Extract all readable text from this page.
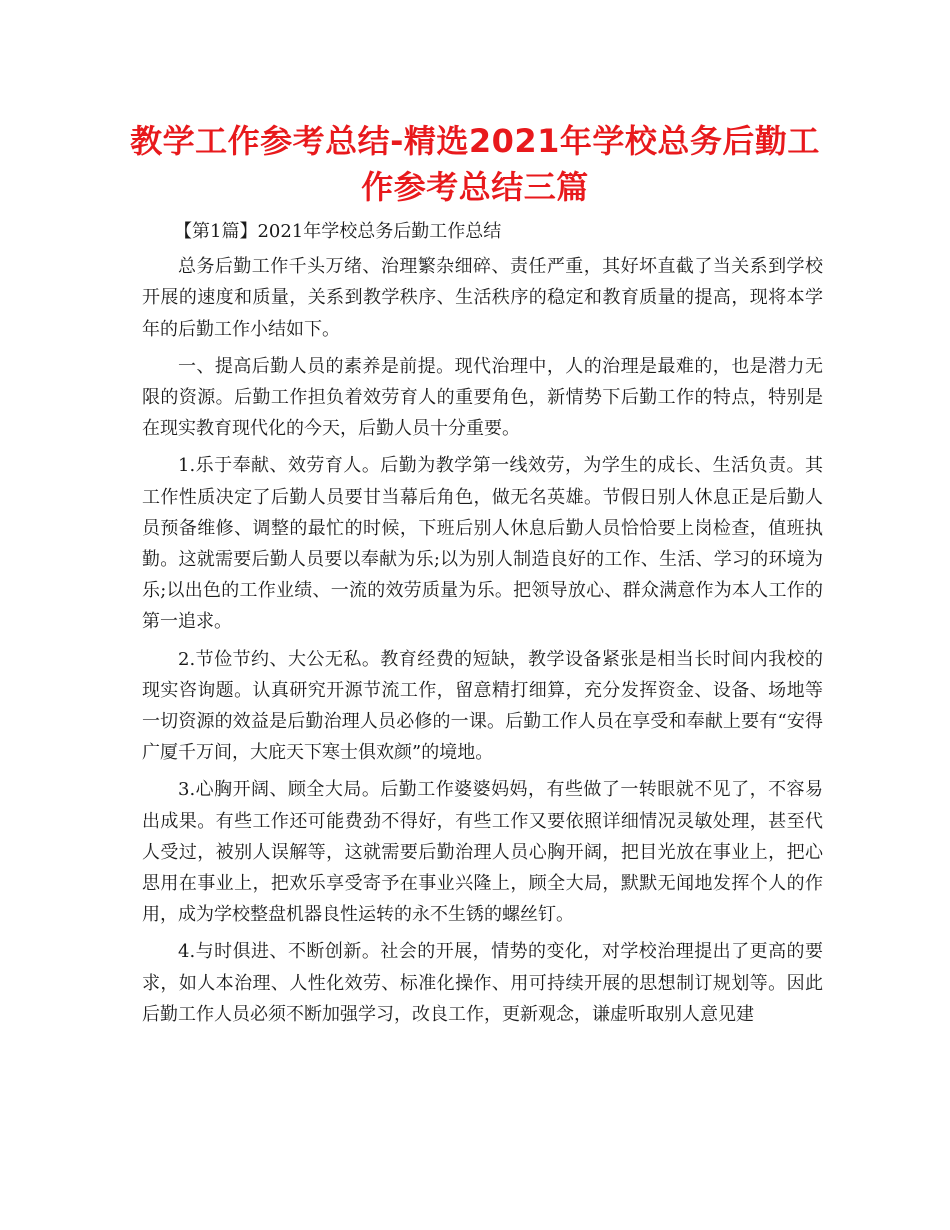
教学工作参考总结-精选2021年学校总务后勤工作参考总结三篇

【第1篇】2021年学校总务后勤工作总结

总务后勤工作千头万绪、治理繁杂细碎、责任严重，其好坏直截了当关系到学校开展的速度和质量，关系到教学秩序、生活秩序的稳定和教育质量的提高，现将本学年的后勤工作小结如下。

一、提高后勤人员的素养是前提。现代治理中，人的治理是最难的，也是潜力无限的资源。后勤工作担负着效劳育人的重要角色，新情势下后勤工作的特点，特别是在现实教育现代化的今天，后勤人员十分重要。

1.乐于奉献、效劳育人。后勤为教学第一线效劳，为学生的成长、生活负责。其工作性质决定了后勤人员要甘当幕后角色，做无名英雄。节假日别人休息正是后勤人员预备维修、调整的最忙的时候，下班后别人休息后勤人员恰恰要上岗检查，值班执勤。这就需要后勤人员要以奉献为乐;以为别人制造良好的工作、生活、学习的环境为乐;以出色的工作业绩、一流的效劳质量为乐。把领导放心、群众满意作为本人工作的第一追求。

2.节俭节约、大公无私。教育经费的短缺，教学设备紧张是相当长时间内我校的现实咨询题。认真研究开源节流工作，留意精打细算，充分发挥资金、设备、场地等一切资源的效益是后勤治理人员必修的一课。后勤工作人员在享受和奉献上要有“安得广厦千万间，大庇天下寒士俱欢颜”的境地。

3.心胸开阔、顾全大局。后勤工作婆婆妈妈，有些做了一转眼就不见了，不容易出成果。有些工作还可能费劲不得好，有些工作又要依照详细情况灵敏处理，甚至代人受过，被别人误解等，这就需要后勤治理人员心胸开阔，把目光放在事业上，把心思用在事业上，把欢乐享受寄予在事业兴隆上，顾全大局，默默无闻地发挥个人的作用，成为学校整盘机器良性运转的永不生锈的螺丝钉。

4.与时俱进、不断创新。社会的开展，情势的变化，对学校治理提出了更高的要求，如人本治理、人性化效劳、标准化操作、用可持续开展的思想制订规划等。因此后勤工作人员必须不断加强学习，改良工作，更新观念，谦虚听取别人意见建
